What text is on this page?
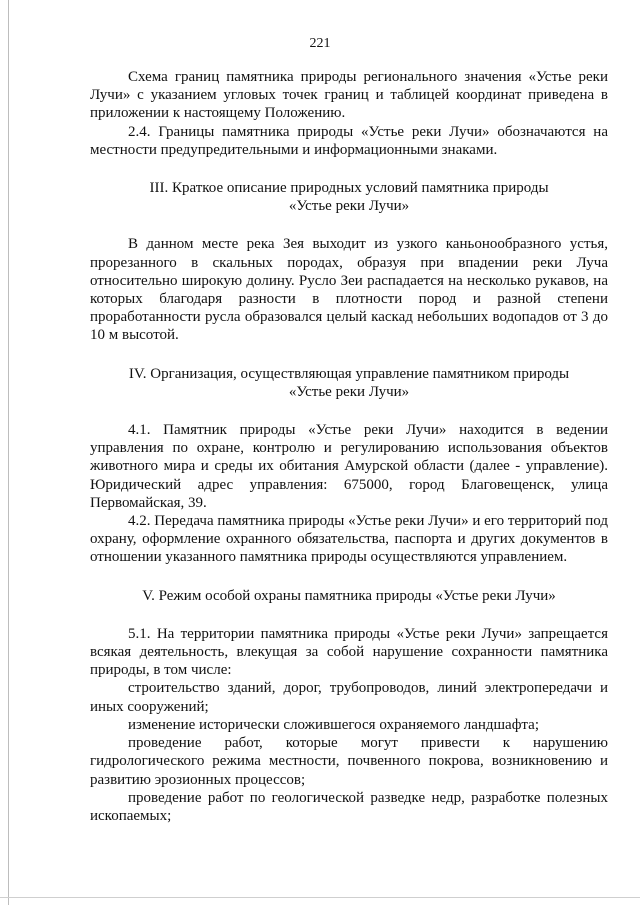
221

Схема границ памятника природы регионального значения «Устье реки Лучи» с указанием угловых точек границ и таблицей координат приведена в приложении к настоящему Положению.

2.4. Границы памятника природы «Устье реки Лучи» обозначаются на местности предупредительными и информационными знаками.

III. Краткое описание природных условий памятника природы

«Устье реки Лучи»

В данном месте река Зея выходит из узкого каньонообразного устья, прорезанного в скальных породах, образуя при впадении реки Луча относительно широкую долину. Русло Зеи распадается на несколько рукавов, на которых благодаря разности в плотности пород и разной степени проработанности русла образовался целый каскад небольших водопадов от 3 до 10 м высотой.

IV. Организация, осуществляющая управление памятником природы

«Устье реки Лучи»

4.1. Памятник природы «Устье реки Лучи» находится в ведении управления по охране, контролю и регулированию использования объектов животного мира и среды их обитания Амурской области (далее - управление). Юридический адрес управления: 675000, город Благовещенск, улица Первомайская, 39.

4.2. Передача памятника природы «Устье реки Лучи» и его территорий под охрану, оформление охранного обязательства, паспорта и других документов в отношении указанного памятника природы осуществляются управлением.

V. Режим особой охраны памятника природы «Устье реки Лучи»

5.1. На территории памятника природы «Устье реки Лучи» запрещается всякая деятельность, влекущая за собой нарушение сохранности памятника природы, в том числе:

строительство зданий, дорог, трубопроводов, линий электропередачи и иных сооружений;

изменение исторически сложившегося охраняемого ландшафта;

проведение работ, которые могут привести к нарушению гидрологического режима местности, почвенного покрова, возникновению и развитию эрозионных процессов;

проведение работ по геологической разведке недр, разработке полезных ископаемых;
